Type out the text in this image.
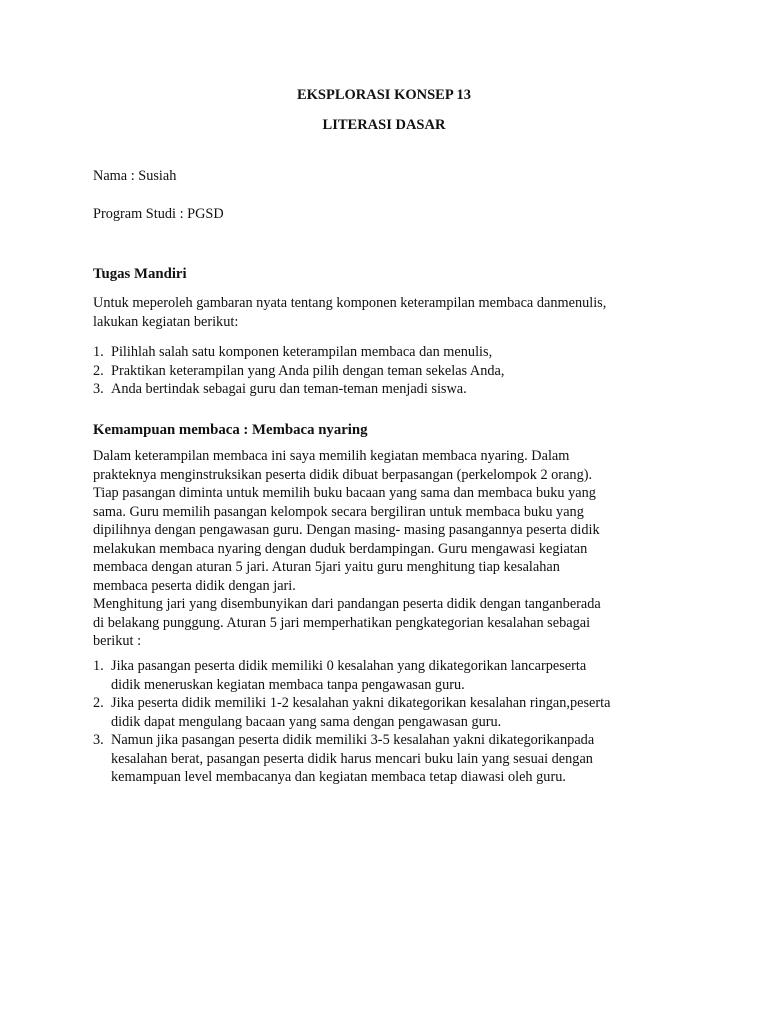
EKSPLORASI KONSEP 13
LITERASI DASAR
Nama : Susiah
Program Studi : PGSD
Tugas Mandiri
Untuk meperoleh gambaran nyata tentang komponen keterampilan membaca danmenulis,
lakukan kegiatan berikut:
1. Pilihlah salah satu komponen keterampilan membaca dan menulis,
2. Praktikan keterampilan yang Anda pilih dengan teman sekelas Anda,
3. Anda bertindak sebagai guru dan teman-teman menjadi siswa.
Kemampuan membaca : Membaca nyaring
Dalam keterampilan membaca ini saya memilih kegiatan membaca nyaring. Dalam
prakteknya menginstruksikan peserta didik dibuat berpasangan (perkelompok 2 orang).
Tiap pasangan diminta untuk memilih buku bacaan yang sama dan membaca buku yang
sama. Guru memilih pasangan kelompok secara bergiliran untuk membaca buku yang
dipilihnya dengan pengawasan guru. Dengan masing- masing pasangannya peserta didik
melakukan membaca nyaring dengan duduk berdampingan. Guru mengawasi kegiatan
membaca dengan aturan 5 jari. Aturan 5jari yaitu guru menghitung tiap kesalahan
membaca peserta didik dengan jari.
Menghitung jari yang disembunyikan dari pandangan peserta didik dengan tanganberada
di belakang punggung. Aturan 5 jari memperhatikan pengkategorian kesalahan sebagai
berikut :
1. Jika pasangan peserta didik memiliki 0 kesalahan yang dikategorikan lancarpeserta
didik meneruskan kegiatan membaca tanpa pengawasan guru.
2. Jika peserta didik memiliki 1-2 kesalahan yakni dikategorikan kesalahan ringan,peserta
didik dapat mengulang bacaan yang sama dengan pengawasan guru.
3. Namun jika pasangan peserta didik memiliki 3-5 kesalahan yakni dikategorikanpada
kesalahan berat, pasangan peserta didik harus mencari buku lain yang sesuai dengan
kemampuan level membacanya dan kegiatan membaca tetap diawasi oleh guru.
